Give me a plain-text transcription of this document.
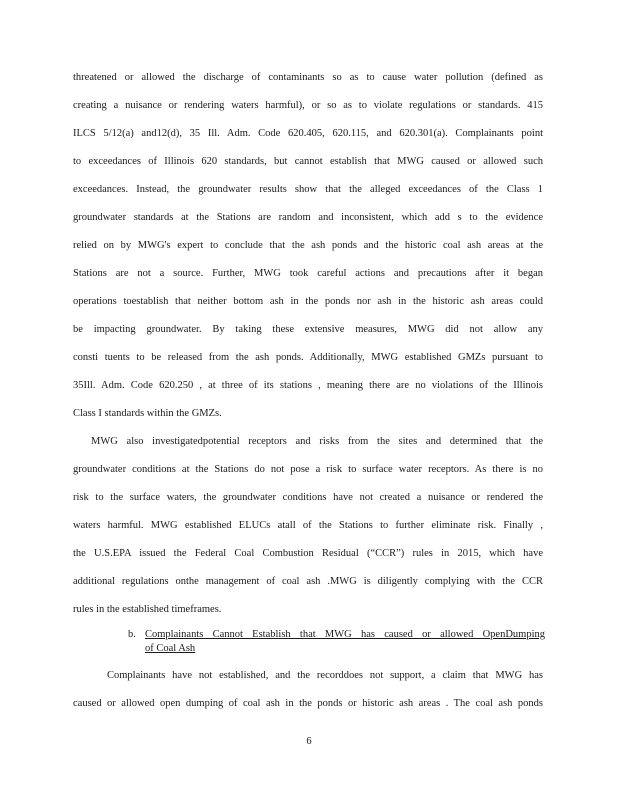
threatened or allowed the discharge of contaminants so as to cause water pollution (defined as
creating a nuisance or rendering waters harmful), or so as to violate regulations or standards. 415
ILCS 5/12(a) and12(d), 35 Ill. Adm. Code 620.405, 620.115, and 620.301(a). Complainants point
to exceedances of Illinois 620 standards, but cannot establish that MWG caused or allowed such
exceedances. Instead, the groundwater results show that the alleged exceedances of the Class 1
groundwater standards at the Stations are random and inconsistent, which add s to the evidence
relied on by MWG's expert to conclude that the ash ponds and the historic coal ash areas at the
Stations are not a source. Further, MWG took careful actions and precautions after it began
operations toestablish that neither bottom ash in the ponds nor ash in the historic ash areas could
be impacting groundwater. By taking these extensive measures, MWG did not allow any
consti tuents to be released from the ash ponds. Additionally, MWG established GMZs pursuant to
35Ill. Adm. Code 620.250 , at three of its stations , meaning there are no violations of the Illinois
Class I standards within the GMZs.
MWG also investigatedpotential receptors and risks from the sites and determined that the
groundwater conditions at the Stations do not pose a risk to surface water receptors. As there is no
risk to the surface waters, the groundwater conditions have not created a nuisance or rendered the
waters harmful. MWG established ELUCs atall of the Stations to further eliminate risk. Finally ,
the U.S.EPA issued the Federal Coal Combustion Residual (“CCR”) rules in 2015, which have
additional regulations onthe management of coal ash .MWG is diligently complying with the CCR
rules in the established timeframes.
b. Complainants Cannot Establish that MWG has caused or allowed OpenDumping
of Coal Ash
Complainants have not established, and the recorddoes not support, a claim that MWG has
caused or allowed open dumping of coal ash in the ponds or historic ash areas . The coal ash ponds
6
